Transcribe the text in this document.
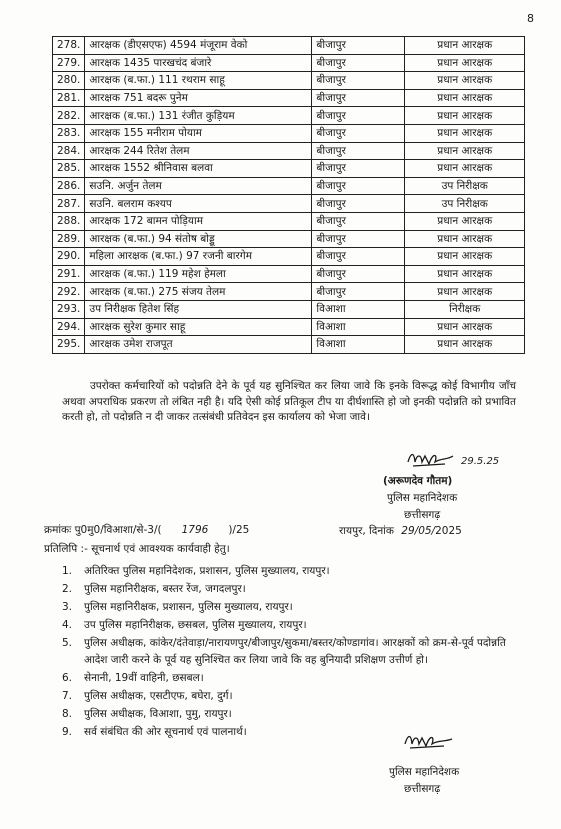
8
278.	आरक्षक (डीएसएफ) 4594 मंजूराम वेको	बीजापुर	प्रधान आरक्षक
279.	आरक्षक 1435 पारखचंद बंजारे	बीजापुर	प्रधान आरक्षक
280.	आरक्षक (ब.फा.) 111 रथराम साहू	बीजापुर	प्रधान आरक्षक
281.	आरक्षक 751 बदरू पुनेम	बीजापुर	प्रधान आरक्षक
282.	आरक्षक (ब.फा.) 131 रंजीत कुड़ियम	बीजापुर	प्रधान आरक्षक
283.	आरक्षक 155 मनीराम पोयाम	बीजापुर	प्रधान आरक्षक
284.	आरक्षक 244 रितेश तेलम	बीजापुर	प्रधान आरक्षक
285.	आरक्षक 1552 श्रीनिवास बलवा	बीजापुर	प्रधान आरक्षक
286.	सउनि. अर्जुन तेलम	बीजापुर	उप निरीक्षक
287.	सउनि. बलराम कश्यप	बीजापुर	उप निरीक्षक
288.	आरक्षक 172 बामन पोड़ियाम	बीजापुर	प्रधान आरक्षक
289.	आरक्षक (ब.फा.) 94 संतोष बोड्डू	बीजापुर	प्रधान आरक्षक
290.	महिला आरक्षक (ब.फा.) 97 रजनी बारगेम	बीजापुर	प्रधान आरक्षक
291.	आरक्षक (ब.फा.) 119 महेश हेमला	बीजापुर	प्रधान आरक्षक
292.	आरक्षक (ब.फा.) 275 संजय तेलम	बीजापुर	प्रधान आरक्षक
293.	उप निरीक्षक हितेश सिंह	विआशा	निरीक्षक
294.	आरक्षक सुरेश कुमार साहू	विआशा	प्रधान आरक्षक
295.	आरक्षक उमेश राजपूत	विआशा	प्रधान आरक्षक
उपरोक्त कर्मचारियों को पदोन्नति देने के पूर्व यह सुनिश्चित कर लिया जावे कि इनके विरूद्ध कोई विभागीय जाँच अथवा अपराधिक प्रकरण तो लंबित नही है। यदि ऐसी कोई प्रतिकूल टीप या दीर्घशास्ति हो जो इनकी पदोन्नति को प्रभावित करती हो, तो पदोन्नति न दी जाकर तत्संबंधी प्रतिवेदन इस कार्यालय को भेजा जावे।
29.5.25
(अरूणदेव गौतम)
पुलिस महानिदेशक
छत्तीसगढ़
क्रमांकः पु0मु0/विआशा/से-3/( 1796 )/25	रायपुर, दिनांक 29/05/2025
प्रतिलिपि :- सूचनार्थ एवं आवश्यक कार्यवाही हेतु।
1. अतिरिक्त पुलिस महानिदेशक, प्रशासन, पुलिस मुख्यालय, रायपुर।
2. पुलिस महानिरीक्षक, बस्तर रेंज, जगदलपुर।
3. पुलिस महानिरीक्षक, प्रशासन, पुलिस मुख्यालय, रायपुर।
4. उप पुलिस महानिरीक्षक, छसबल, पुलिस मुख्यालय, रायपुर।
5. पुलिस अधीक्षक, कांकेर/दंतेवाड़ा/नारायणपुर/बीजापुर/सुकमा/बस्तर/कोण्डागांव। आरक्षकों को क्रम-से-पूर्व पदोन्नति आदेश जारी करने के पूर्व यह सुनिश्चित कर लिया जावे कि वह बुनियादी प्रशिक्षण उत्तीर्ण हो।
6. सेनानी, 19वीं वाहिनी, छसबल।
7. पुलिस अधीक्षक, एसटीएफ, बघेरा, दुर्ग।
8. पुलिस अधीक्षक, विआशा, पुमु, रायपुर।
9. सर्व संबंधित की ओर सूचनार्थ एवं पालनार्थ।
पुलिस महानिदेशक
छत्तीसगढ़
